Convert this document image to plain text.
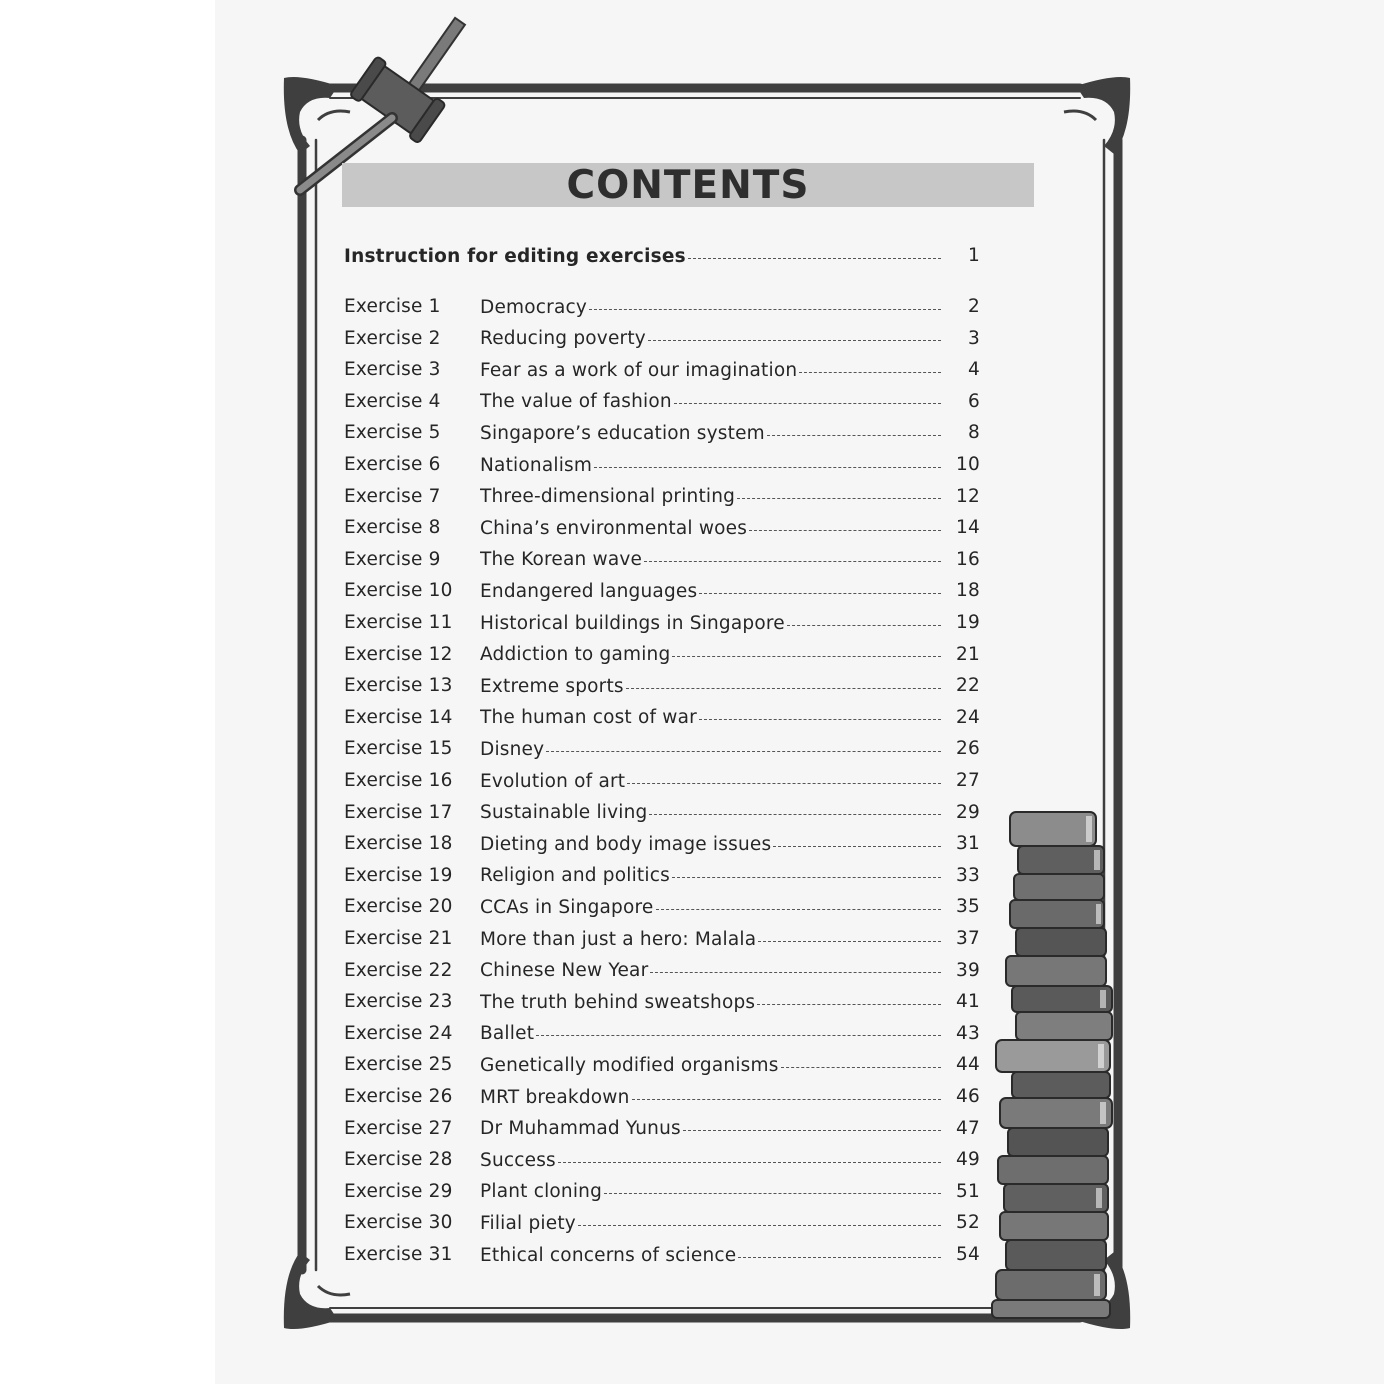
CONTENTS
Instruction for editing exercises	1
Exercise 1 Democracy	2
Exercise 2 Reducing poverty	3
Exercise 3 Fear as a work of our imagination	4
Exercise 4 The value of fashion	6
Exercise 5 Singapore’s education system	8
Exercise 6 Nationalism	10
Exercise 7 Three-dimensional printing	12
Exercise 8 China’s environmental woes	14
Exercise 9 The Korean wave	16
Exercise 10 Endangered languages	18
Exercise 11 Historical buildings in Singapore	19
Exercise 12 Addiction to gaming	21
Exercise 13 Extreme sports	22
Exercise 14 The human cost of war	24
Exercise 15 Disney	26
Exercise 16 Evolution of art	27
Exercise 17 Sustainable living	29
Exercise 18 Dieting and body image issues	31
Exercise 19 Religion and politics	33
Exercise 20 CCAs in Singapore	35
Exercise 21 More than just a hero: Malala	37
Exercise 22 Chinese New Year	39
Exercise 23 The truth behind sweatshops	41
Exercise 24 Ballet	43
Exercise 25 Genetically modified organisms	44
Exercise 26 MRT breakdown	46
Exercise 27 Dr Muhammad Yunus	47
Exercise 28 Success	49
Exercise 29 Plant cloning	51
Exercise 30 Filial piety	52
Exercise 31 Ethical concerns of science	54
